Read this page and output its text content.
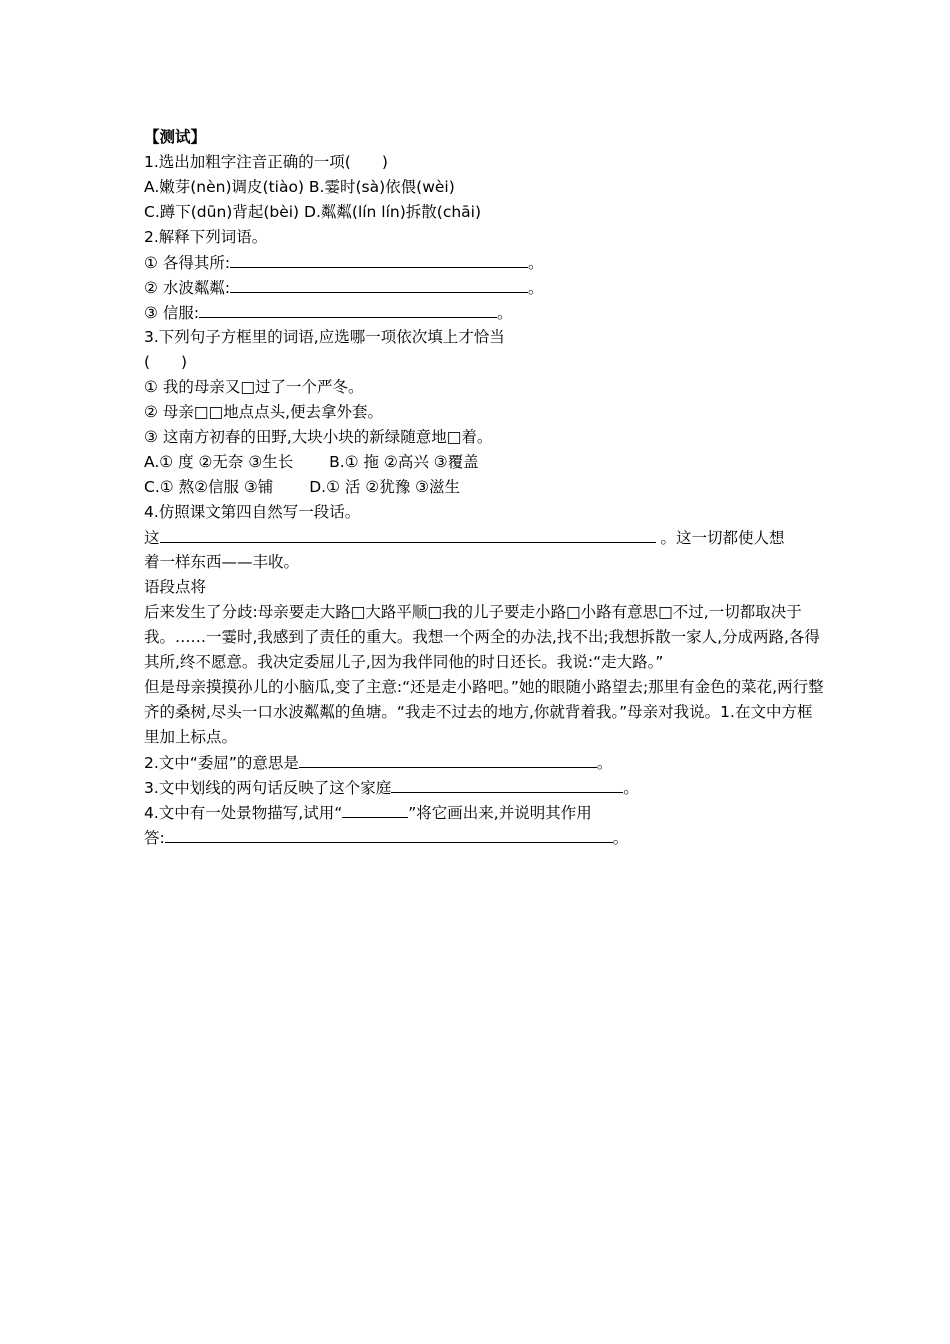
【测试】
1.选出加粗字注音正确的一项(　　)
A.嫩芽(nèn)调皮(tiào) B.霎时(sà)依偎(wèi)
C.蹲下(dūn)背起(bèi) D.粼粼(lín lín)拆散(chāi)
2.解释下列词语。
① 各得其所:	。
② 水波粼粼:	。
③ 信服:	。
3.下列句子方框里的词语,应选哪一项依次填上才恰当
(　　)
① 我的母亲又□过了一个严冬。
② 母亲□□地点点头,便去拿外套。
③ 这南方初春的田野,大块小块的新绿随意地□着。
A.① 度 ②无奈 ③生长　　 B.① 拖 ②高兴 ③覆盖
C.① 熬②信服 ③铺　　 D.① 活 ②犹豫 ③滋生
4.仿照课文第四自然写一段话。
这	。这一切都使人想
着一样东西——丰收。
语段点将
后来发生了分歧:母亲要走大路□大路平顺□我的儿子要走小路□小路有意思□不过,一切都取决于我。……一霎时,我感到了责任的重大。我想一个两全的办法,找不出;我想拆散一家人,分成两路,各得其所,终不愿意。我决定委屈儿子,因为我伴同他的时日还长。我说:“走大路。”
但是母亲摸摸孙儿的小脑瓜,变了主意:“还是走小路吧。”她的眼随小路望去;那里有金色的菜花,两行整齐的桑树,尽头一口水波粼粼的鱼塘。“我走不过去的地方,你就背着我。”母亲对我说。1.在文中方框里加上标点。
2.文中“委屈”的意思是	。
3.文中划线的两句话反映了这个家庭	。
4.文中有一处景物描写,试用“	”将它画出来,并说明其作用
答:	。
